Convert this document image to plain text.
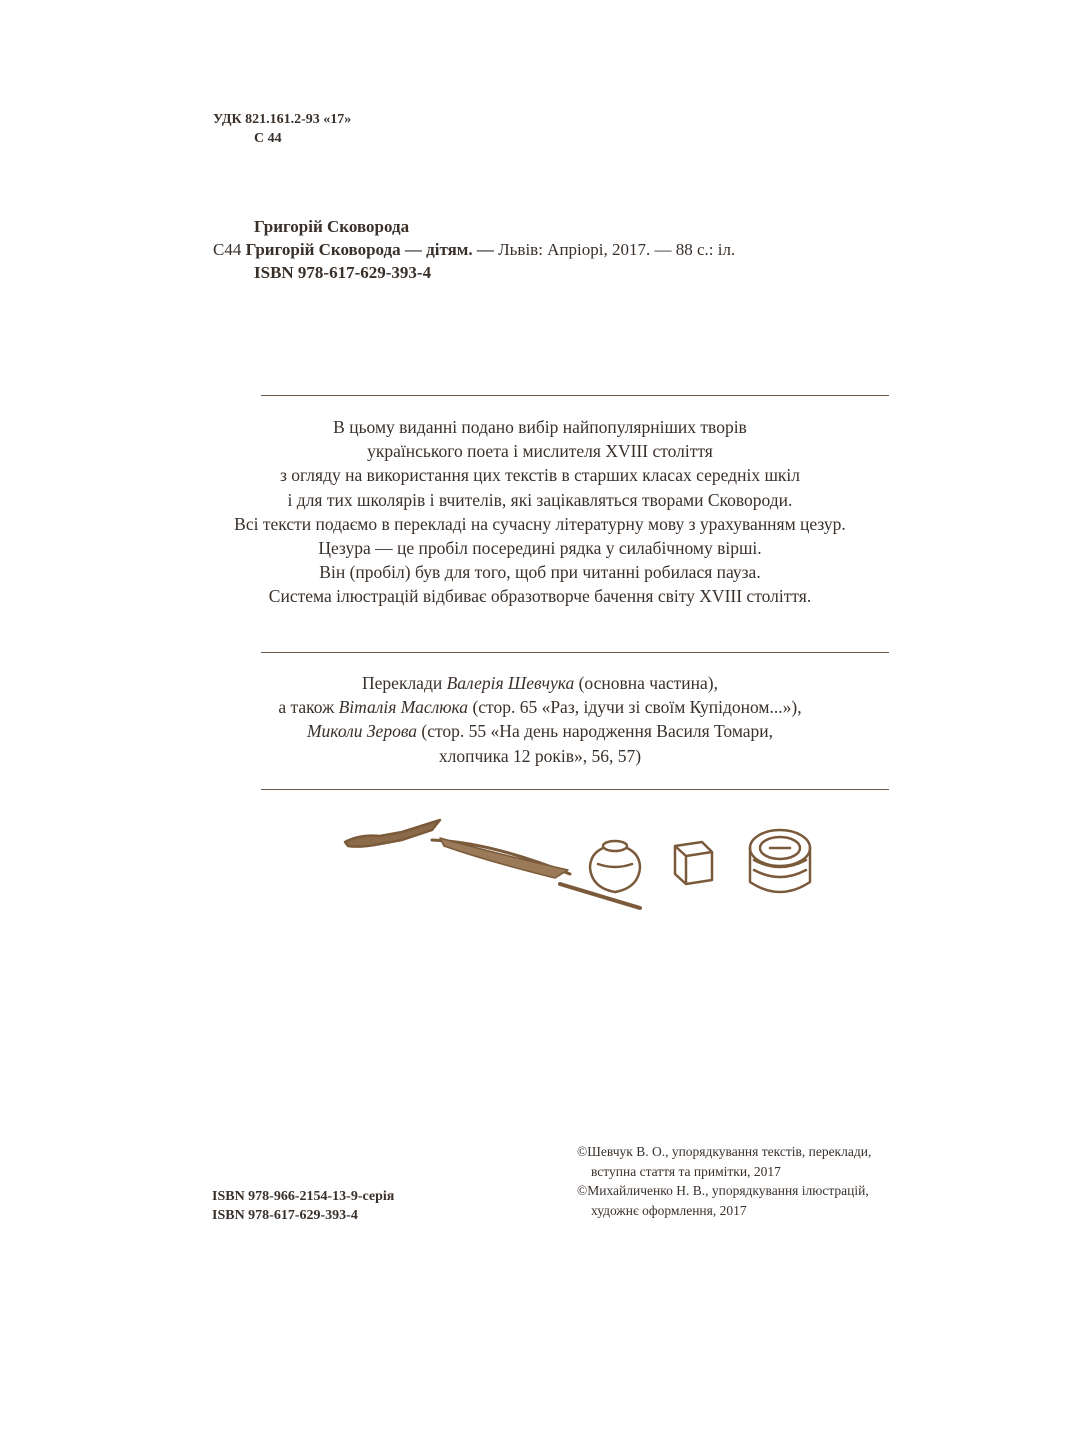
УДК 821.161.2-93 «17»
С 44
Григорій Сковорода
С44 Григорій Сковорода — дітям. — Львів: Апріорі, 2017. — 88 с.: іл.
ISBN 978-617-629-393-4
В цьому виданні подано вибір найпопулярніших творів
українського поета і мислителя XVIII століття
з огляду на використання цих текстів в старших класах середніх шкіл
і для тих школярів і вчителів, які зацікавляться творами Сковороди.
Всі тексти подаємо в перекладі на сучасну літературну мову з урахуванням цезур.
Цезура — це пробіл посередині рядка у силабічному вірші.
Він (пробіл) був для того, щоб при читанні робилася пауза.
Система ілюстрацій відбиває образотворче бачення світу XVIII століття.
Переклади Валерія Шевчука (основна частина),
а також Віталія Маслюка (стор. 65 «Раз, ідучи зі своїм Купідоном...»),
Миколи Зерова (стор. 55 «На день народження Василя Томари,
хлопчика 12 років», 56, 57)
ISBN 978-966-2154-13-9-серія
ISBN 978-617-629-393-4
©Шевчук В. О., упорядкування текстів, переклади,
вступна стаття та примітки, 2017
©Михайличенко Н. В., упорядкування ілюстрацій,
художнє оформлення, 2017
